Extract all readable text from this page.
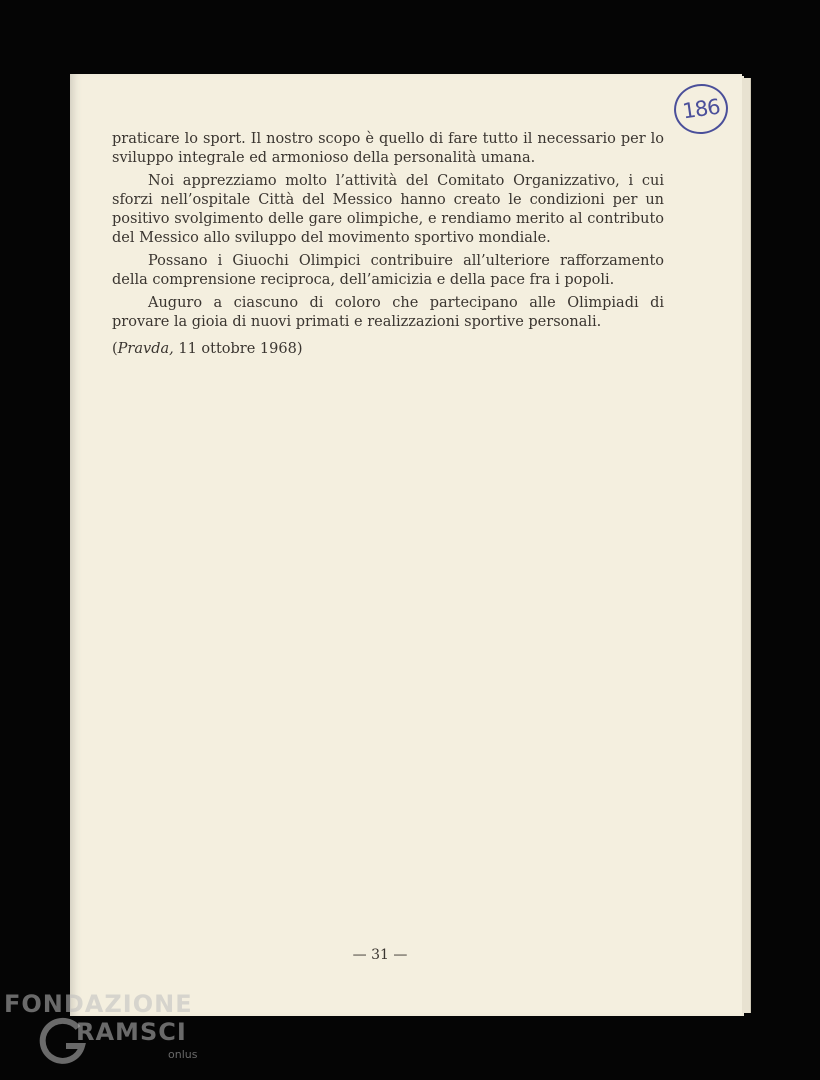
186

praticare lo sport. Il nostro scopo è quello di fare tutto il necessario per lo sviluppo integrale ed armonioso della personalità umana.

Noi apprezziamo molto l’attività del Comitato Organizzativo, i cui sforzi nell’ospitale Città del Messico hanno creato le condizioni per un positivo svolgimento delle gare olimpiche, e rendiamo merito al contributo del Messico allo sviluppo del movimento sportivo mondiale.

Possano i Giuochi Olimpici contribuire all’ulteriore rafforzamento della comprensione reciproca, dell’amicizia e della pace fra i popoli.

Auguro a ciascuno di coloro che partecipano alle Olimpiadi di provare la gioia di nuovi primati e realizzazioni sportive personali.

(Pravda, 11 ottobre 1968)
— 31 —
FONDAZIONE
RAMSCI
onlus
